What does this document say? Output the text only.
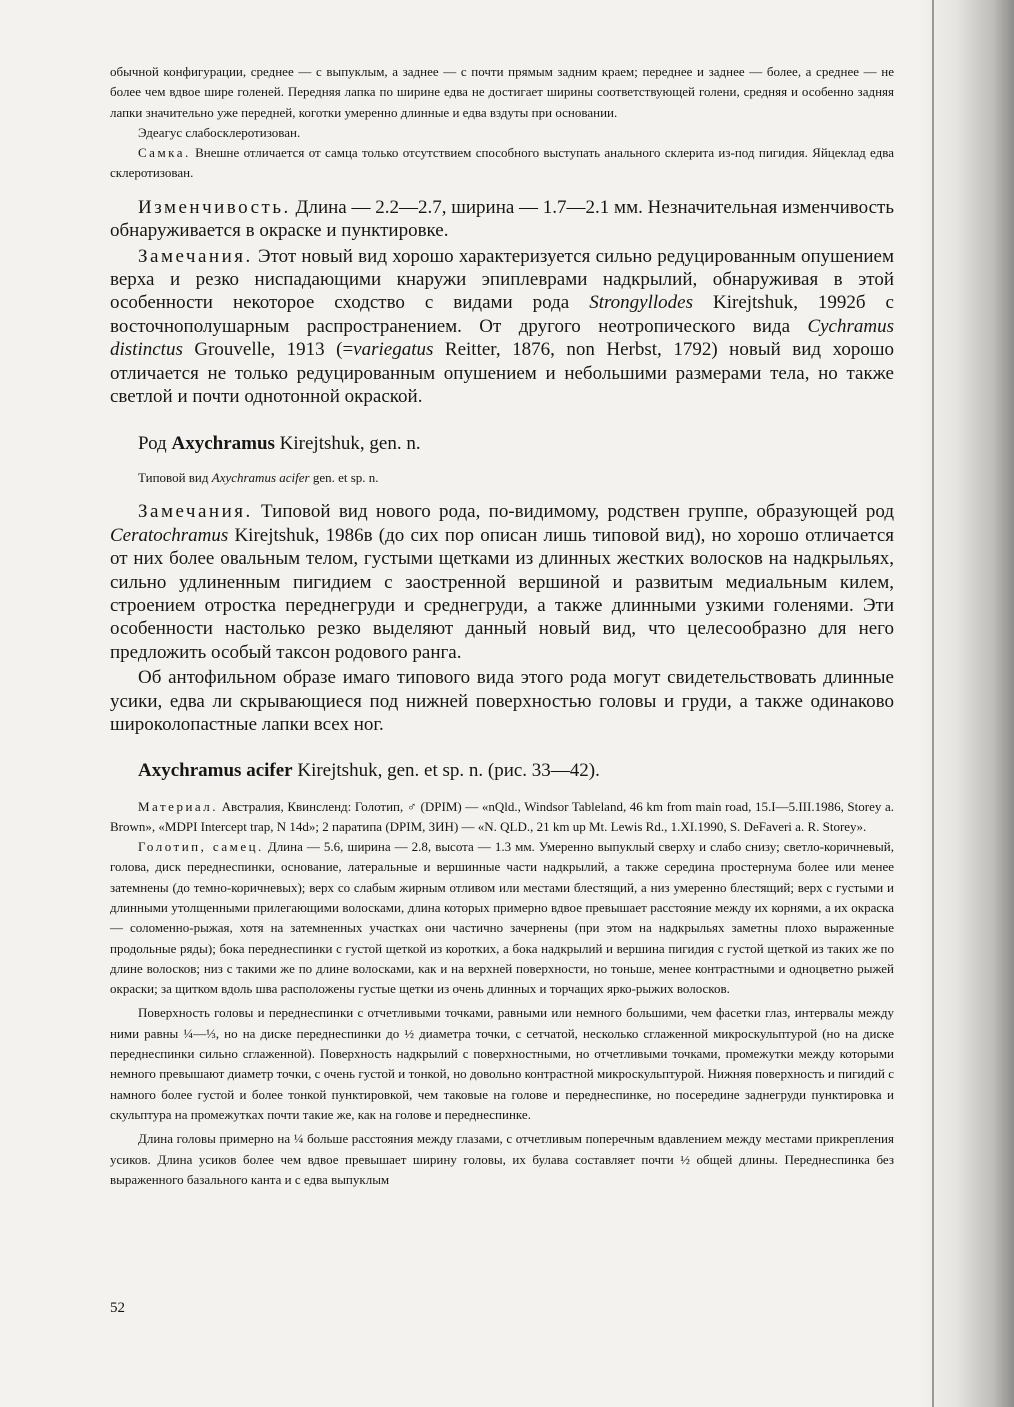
обычной конфигурации, среднее — с выпуклым, а заднее — с почти прямым задним краем; переднее и заднее — более, а среднее — не более чем вдвое шире голеней. Передняя лапка по ширине едва не достигает ширины соответствующей голени, средняя и особенно задняя лапки значительно уже передней, коготки умеренно длинные и едва вздуты при основании.

Эдеагус слабосклеротизован.

Самка. Внешне отличается от самца только отсутствием способного выступать анального склерита из-под пигидия. Яйцеклад едва склеротизован.

Изменчивость. Длина — 2.2—2.7, ширина — 1.7—2.1 мм. Незначительная изменчивость обнаруживается в окраске и пунктировке.

Замечания. Этот новый вид хорошо характеризуется сильно редуцированным опушением верха и резко ниспадающими кнаружи эпиплеврами надкрылий, обнаруживая в этой особенности некоторое сходство с видами рода Strongyllodes Kirejtshuk, 1992б с восточнополушарным распространением. От другого неотропического вида Cychramus distinctus Grouvelle, 1913 (=variegatus Reitter, 1876, non Herbst, 1792) новый вид хорошо отличается не только редуцированным опушением и небольшими размерами тела, но также светлой и почти однотонной окраской.

Род Axychramus Kirejtshuk, gen. n.

Типовой вид Axychramus acifer gen. et sp. n.

Замечания. Типовой вид нового рода, по-видимому, родствен группе, образующей род Ceratochramus Kirejtshuk, 1986в (до сих пор описан лишь типовой вид), но хорошо отличается от них более овальным телом, густыми щетками из длинных жестких волосков на надкрыльях, сильно удлиненным пигидием с заостренной вершиной и развитым медиальным килем, строением отростка переднегруди и среднегруди, а также длинными узкими голенями. Эти особенности настолько резко выделяют данный новый вид, что целесообразно для него предложить особый таксон родового ранга.

Об антофильном образе имаго типового вида этого рода могут свидетельствовать длинные усики, едва ли скрывающиеся под нижней поверхностью головы и груди, а также одинаково широколопастные лапки всех ног.

Axychramus acifer Kirejtshuk, gen. et sp. n. (рис. 33—42).

Материал. Австралия, Квинсленд: Голотип, ♂ (DPIM) — «nQld., Windsor Tableland, 46 km from main road, 15.I—5.III.1986, Storey a. Brown», «MDPI Intercept trap, N 14d»; 2 паратипа (DPIM, ЗИН) — «N. QLD., 21 km up Mt. Lewis Rd., 1.XI.1990, S. DeFaveri a. R. Storey».

Голотип, самец. Длина — 5.6, ширина — 2.8, высота — 1.3 мм. Умеренно выпуклый сверху и слабо снизу; светло-коричневый, голова, диск переднеспинки, основание, латеральные и вершинные части надкрылий, а также середина простернума более или менее затемнены (до темно-коричневых); верх со слабым жирным отливом или местами блестящий, а низ умеренно блестящий; верх с густыми и длинными утолщенными прилегающими волосками, длина которых примерно вдвое превышает расстояние между их корнями, а их окраска — соломенно-рыжая, хотя на затемненных участках они частично зачернены (при этом на надкрыльях заметны плохо выраженные продольные ряды); бока переднеспинки с густой щеткой из коротких, а бока надкрылий и вершина пигидия с густой щеткой из таких же по длине волосков; низ с такими же по длине волосками, как и на верхней поверхности, но тоньше, менее контрастными и одноцветно рыжей окраски; за щитком вдоль шва расположены густые щетки из очень длинных и торчащих ярко-рыжих волосков.

Поверхность головы и переднеспинки с отчетливыми точками, равными или немного большими, чем фасетки глаз, интервалы между ними равны ¼—⅓, но на диске переднеспинки до ½ диаметра точки, с сетчатой, несколько сглаженной микроскульптурой (но на диске переднеспинки сильно сглаженной). Поверхность надкрылий с поверхностными, но отчетливыми точками, промежутки между которыми немного превышают диаметр точки, с очень густой и тонкой, но довольно контрастной микроскульптурой. Нижняя поверхность и пигидий с намного более густой и более тонкой пунктировкой, чем таковые на голове и переднеспинке, но посередине заднегруди пунктировка и скульптура на промежутках почти такие же, как на голове и переднеспинке.

Длина головы примерно на ¼ больше расстояния между глазами, с отчетливым поперечным вдавлением между местами прикрепления усиков. Длина усиков более чем вдвое превышает ширину головы, их булава составляет почти ½ общей длины. Переднеспинка без выраженного базального канта и с едва выпуклым

52
